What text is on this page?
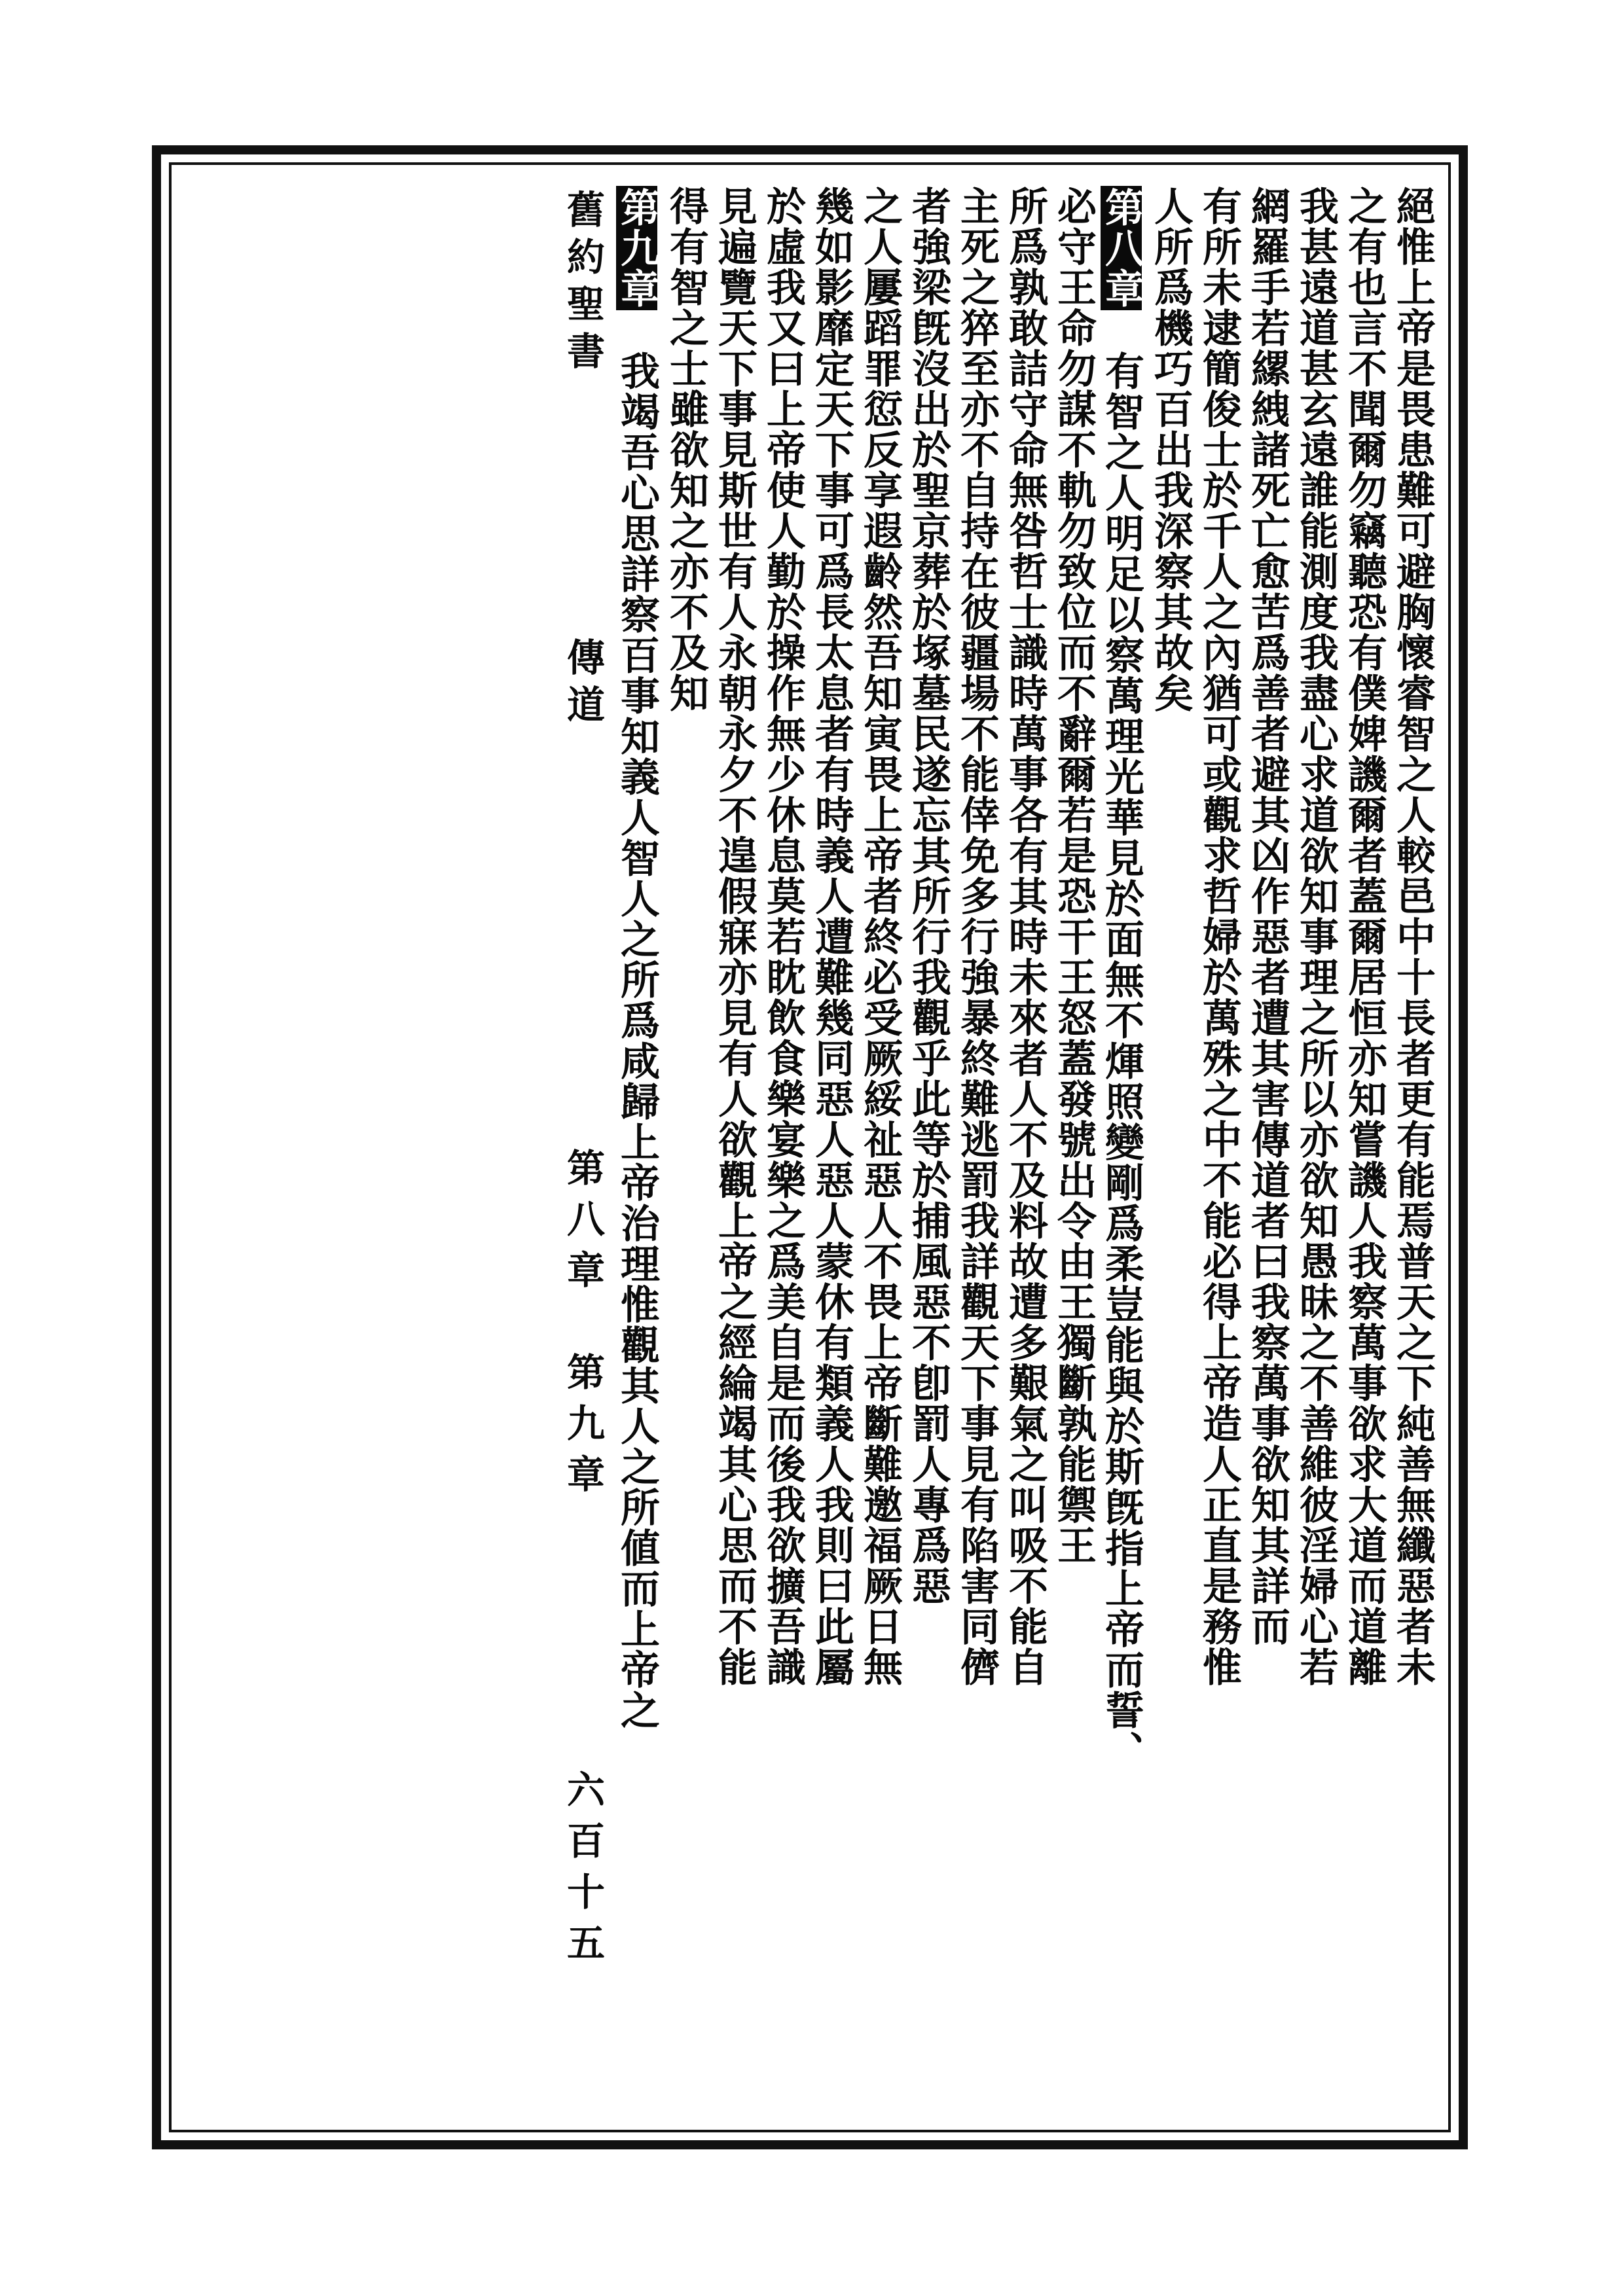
絕惟上帝是畏患難可避胸懷睿智之人較邑中十長者更有能焉普天之下純善無纖惡者未
之有也言不聞爾勿竊聽恐有僕婢譏爾者蓋爾居恒亦知嘗譏人我察萬事欲求大道而道離
我甚遠道甚玄遠誰能測度我盡心求道欲知事理之所以亦欲知愚昧之不善維彼淫婦心若
網羅手若縲絏諸死亡愈苦爲善者避其凶作惡者遭其害傳道者曰我察萬事欲知其詳而
有所未逮簡俊士於千人之內猶可或觀求哲婦於萬殊之中不能必得上帝造人正直是務惟
人所爲機巧百出我深察其故矣
第八章　有智之人明足以察萬理光華見於面無不煇照變剛爲柔豈能與於斯旣指上帝而誓、
必守王命勿謀不軌勿致位而不辭爾若是恐干王怒蓋發號出令由王獨斷孰能禦王
所爲孰敢詰守命無咎哲士識時萬事各有其時未來者人不及料故遭多艱氣之叫吸不能自
主死之猝至亦不自持在彼疆場不能倖免多行強暴終難逃罰我詳觀天下事見有陷害同儕
者強梁旣沒出於聖京葬於塚墓民遂忘其所行我觀乎此等於捕風惡不卽罰人專爲惡
之人屢蹈罪愆反享遐齡然吾知寅畏上帝者終必受厥綏祉惡人不畏上帝斷難邀福厥日無
幾如影靡定天下事可爲長太息者有時義人遭難幾同惡人惡人蒙休有類義人我則曰此屬
於虛我又曰上帝使人勤於操作無少休息莫若眈飲食樂宴樂之爲美自是而後我欲擴吾識
見遍覽天下事見斯世有人永朝永夕不遑假寐亦見有人欲觀上帝之經綸竭其心思而不能
得有智之士雖欲知之亦不及知
第九章　我竭吾心思詳察百事知義人智人之所爲咸歸上帝治理惟觀其人之所値而上帝之
舊約聖書
傳道
第八章　第九章
六百十五
